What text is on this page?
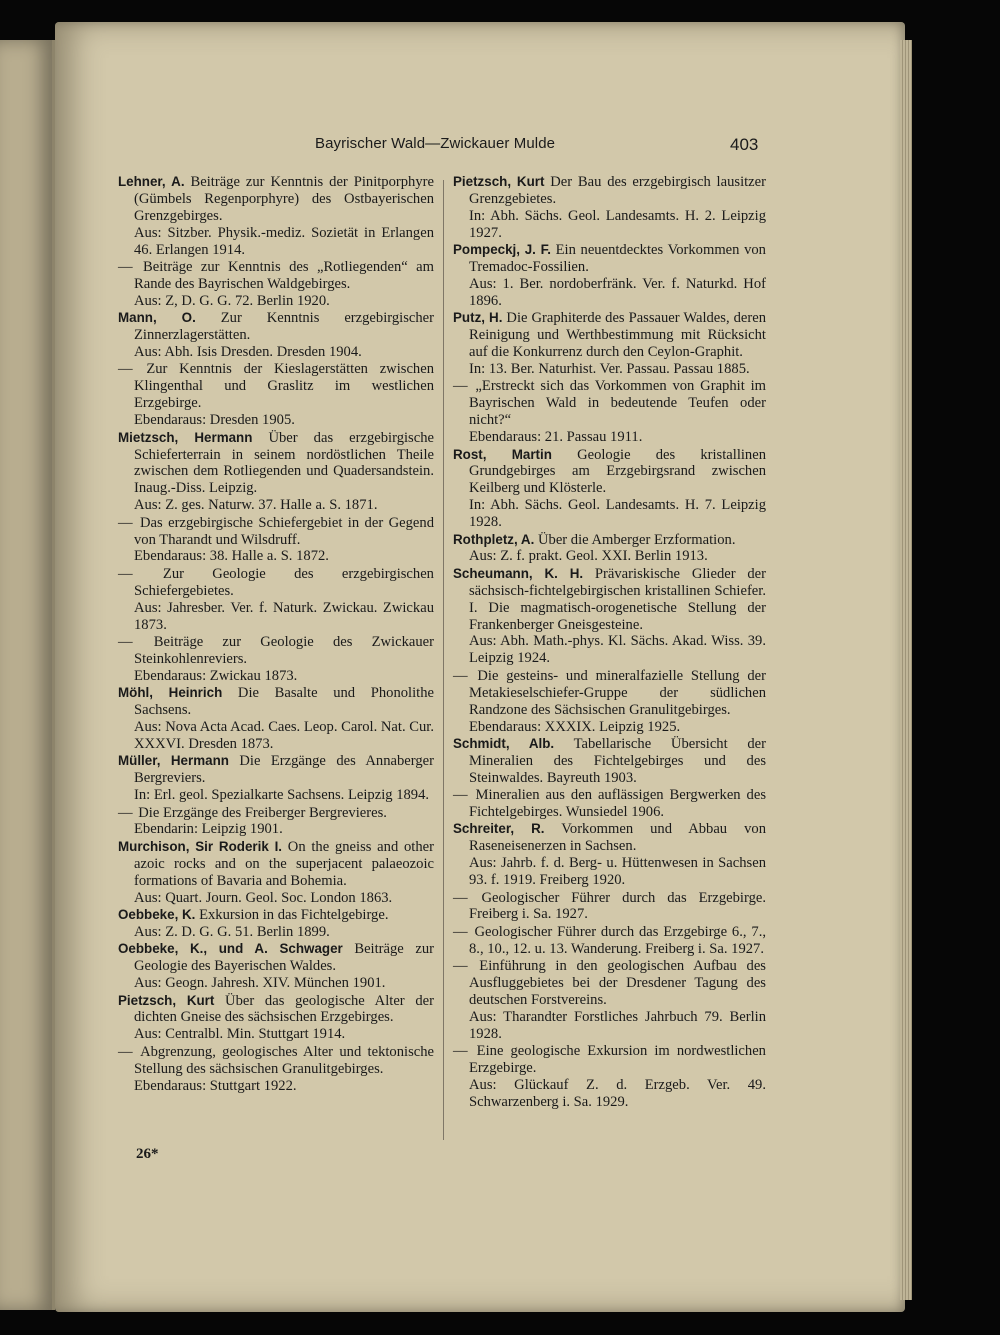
Bayrischer Wald—Zwickauer Mulde	403
Lehner, A. Beiträge zur Kenntnis der Pinitporphyre (Gümbels Regenporphyre) des Ostbayerischen Grenzgebirges.
Aus: Sitzber. Physik.-mediz. Sozietät in Erlangen 46. Erlangen 1914.
— Beiträge zur Kenntnis des „Rotliegenden“ am Rande des Bayrischen Waldgebirges.
Aus: Z, D. G. G. 72. Berlin 1920.
Mann, O. Zur Kenntnis erzgebirgischer Zinnerzlagerstätten.
Aus: Abh. Isis Dresden. Dresden 1904.
— Zur Kenntnis der Kieslagerstätten zwischen Klingenthal und Graslitz im westlichen Erzgebirge.
Ebendaraus: Dresden 1905.
Mietzsch, Hermann Über das erzgebirgische Schieferterrain in seinem nordöstlichen Theile zwischen dem Rotliegenden und Quadersandstein. Inaug.-Diss. Leipzig.
Aus: Z. ges. Naturw. 37. Halle a. S. 1871.
— Das erzgebirgische Schiefergebiet in der Gegend von Tharandt und Wilsdruff.
Ebendaraus: 38. Halle a. S. 1872.
— Zur Geologie des erzgebirgischen Schiefergebietes.
Aus: Jahresber. Ver. f. Naturk. Zwickau. Zwickau 1873.
— Beiträge zur Geologie des Zwickauer Steinkohlenreviers.
Ebendaraus: Zwickau 1873.
Möhl, Heinrich Die Basalte und Phonolithe Sachsens.
Aus: Nova Acta Acad. Caes. Leop. Carol. Nat. Cur. XXXVI. Dresden 1873.
Müller, Hermann Die Erzgänge des Annaberger Bergreviers.
In: Erl. geol. Spezialkarte Sachsens. Leipzig 1894.
— Die Erzgänge des Freiberger Bergrevieres.
Ebendarin: Leipzig 1901.
Murchison, Sir Roderik I. On the gneiss and other azoic rocks and on the superjacent palaeozoic formations of Bavaria and Bohemia.
Aus: Quart. Journ. Geol. Soc. London 1863.
Oebbeke, K. Exkursion in das Fichtelgebirge.
Aus: Z. D. G. G. 51. Berlin 1899.
Oebbeke, K., und A. Schwager Beiträge zur Geologie des Bayerischen Waldes.
Aus: Geogn. Jahresh. XIV. München 1901.
Pietzsch, Kurt Über das geologische Alter der dichten Gneise des sächsischen Erzgebirges.
Aus: Centralbl. Min. Stuttgart 1914.
— Abgrenzung, geologisches Alter und tektonische Stellung des sächsischen Granulitgebirges.
Ebendaraus: Stuttgart 1922.
Pietzsch, Kurt Der Bau des erzgebirgisch lausitzer Grenzgebietes.
In: Abh. Sächs. Geol. Landesamts. H. 2. Leipzig 1927.
Pompeckj, J. F. Ein neuentdecktes Vorkommen von Tremadoc-Fossilien.
Aus: 1. Ber. nordoberfränk. Ver. f. Naturkd. Hof 1896.
Putz, H. Die Graphiterde des Passauer Waldes, deren Reinigung und Werthbestimmung mit Rücksicht auf die Konkurrenz durch den Ceylon-Graphit.
In: 13. Ber. Naturhist. Ver. Passau. Passau 1885.
— „Erstreckt sich das Vorkommen von Graphit im Bayrischen Wald in bedeutende Teufen oder nicht?“
Ebendaraus: 21. Passau 1911.
Rost, Martin Geologie des kristallinen Grundgebirges am Erzgebirgsrand zwischen Keilberg und Klösterle.
In: Abh. Sächs. Geol. Landesamts. H. 7. Leipzig 1928.
Rothpletz, A. Über die Amberger Erzformation.
Aus: Z. f. prakt. Geol. XXI. Berlin 1913.
Scheumann, K. H. Prävariskische Glieder der sächsisch-fichtelgebirgischen kristallinen Schiefer. I. Die magmatisch-orogenetische Stellung der Frankenberger Gneisgesteine.
Aus: Abh. Math.-phys. Kl. Sächs. Akad. Wiss. 39. Leipzig 1924.
— Die gesteins- und mineralfazielle Stellung der Metakieselschiefer-Gruppe der südlichen Randzone des Sächsischen Granulitgebirges.
Ebendaraus: XXXIX. Leipzig 1925.
Schmidt, Alb. Tabellarische Übersicht der Mineralien des Fichtelgebirges und des Steinwaldes. Bayreuth 1903.
— Mineralien aus den auflässigen Bergwerken des Fichtelgebirges. Wunsiedel 1906.
Schreiter, R. Vorkommen und Abbau von Raseneisenerzen in Sachsen.
Aus: Jahrb. f. d. Berg- u. Hüttenwesen in Sachsen 93. f. 1919. Freiberg 1920.
— Geologischer Führer durch das Erzgebirge. Freiberg i. Sa. 1927.
— Geologischer Führer durch das Erzgebirge 6., 7., 8., 10., 12. u. 13. Wanderung. Freiberg i. Sa. 1927.
— Einführung in den geologischen Aufbau des Ausfluggebietes bei der Dresdener Tagung des deutschen Forstvereins.
Aus: Tharandter Forstliches Jahrbuch 79. Berlin 1928.
— Eine geologische Exkursion im nordwestlichen Erzgebirge.
Aus: Glückauf Z. d. Erzgeb. Ver. 49. Schwarzenberg i. Sa. 1929.
26*
